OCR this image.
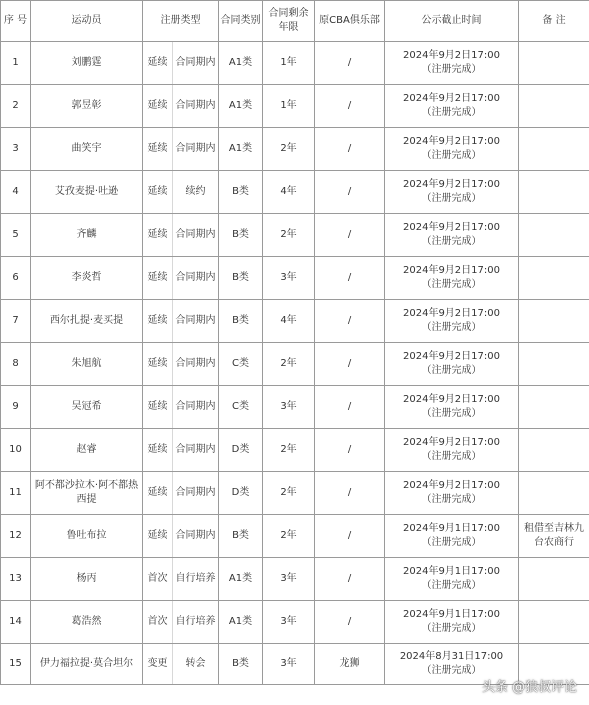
序 号	运动员	注册类型		合同类别	合同剩余年限	原CBA俱乐部	公示截止时间	备 注
1	刘鹏霆	延续	合同期内	A1类	1年	/	2024年9月2日17:00
（注册完成）	

2	郭昱彰	延续	合同期内	A1类	1年	/	2024年9月2日17:00
（注册完成）	

3	曲笑宇	延续	合同期内	A1类	2年	/	2024年9月2日17:00
（注册完成）	

4	艾孜麦提·吐逊	延续	续约	B类	4年	/	2024年9月2日17:00
（注册完成）	

5	齐麟	延续	合同期内	B类	2年	/	2024年9月2日17:00
（注册完成）	

6	李炎哲	延续	合同期内	B类	3年	/	2024年9月2日17:00
（注册完成）	

7	西尔扎提·麦买提	延续	合同期内	B类	4年	/	2024年9月2日17:00
（注册完成）	

8	朱旭航	延续	合同期内	C类	2年	/	2024年9月2日17:00
（注册完成）	

9	吴冠希	延续	合同期内	C类	3年	/	2024年9月2日17:00
（注册完成）	

10	赵睿	延续	合同期内	D类	2年	/	2024年9月2日17:00
（注册完成）	

11	阿不都沙拉木·阿不都热西提	延续	合同期内	D类	2年	/	2024年9月2日17:00
（注册完成）	

12	鲁吐布拉	延续	合同期内	B类	2年	/	2024年9月1日17:00
（注册完成）	租借至吉林九台农商行
13	杨丙	首次	自行培养	A1类	3年	/	2024年9月1日17:00
（注册完成）	

14	葛浩然	首次	自行培养	A1类	3年	/	2024年9月1日17:00
（注册完成）	

15	伊力福拉提·莫合坦尔	变更	转会	B类	3年	龙狮	2024年8月31日17:00
（注册完成）	

头条 @狼叔评论
